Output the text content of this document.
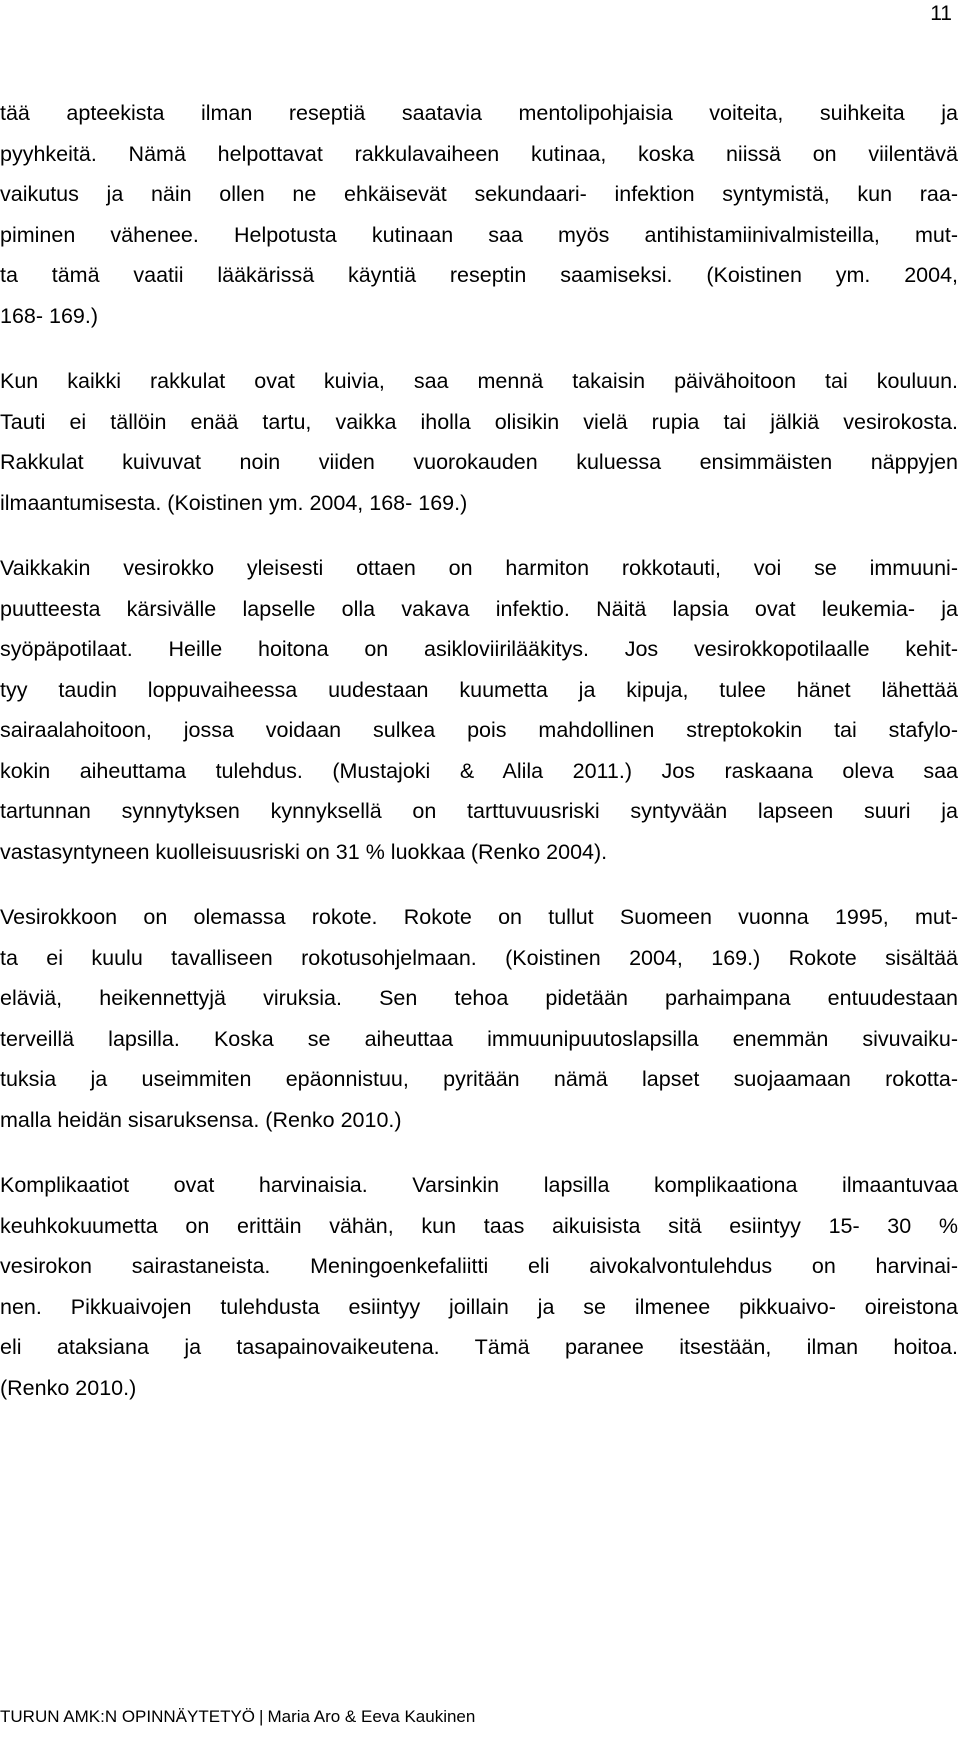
11
tää apteekista ilman reseptiä saatavia mentolipohjaisia voiteita, suihkeita ja
pyyhkeitä. Nämä helpottavat rakkulavaiheen kutinaa, koska niissä on viilentävä
vaikutus ja näin ollen ne ehkäisevät sekundaari- infektion syntymistä, kun raa-
piminen vähenee. Helpotusta kutinaan saa myös antihistamiinivalmisteilla, mut-
ta tämä vaatii lääkärissä käyntiä reseptin saamiseksi. (Koistinen ym. 2004,
168- 169.)
Kun kaikki rakkulat ovat kuivia, saa mennä takaisin päivähoitoon tai kouluun.
Tauti ei tällöin enää tartu, vaikka iholla olisikin vielä rupia tai jälkiä vesirokosta.
Rakkulat kuivuvat noin viiden vuorokauden kuluessa ensimmäisten näppyjen
ilmaantumisesta. (Koistinen ym. 2004, 168- 169.)
Vaikkakin vesirokko yleisesti ottaen on harmiton rokkotauti, voi se immuuni-
puutteesta kärsivälle lapselle olla vakava infektio. Näitä lapsia ovat leukemia- ja
syöpäpotilaat. Heille hoitona on asikloviirilääkitys. Jos vesirokkopotilaalle kehit-
tyy taudin loppuvaiheessa uudestaan kuumetta ja kipuja, tulee hänet lähettää
sairaalahoitoon, jossa voidaan sulkea pois mahdollinen streptokokin tai stafylo-
kokin aiheuttama tulehdus. (Mustajoki & Alila 2011.) Jos raskaana oleva saa
tartunnan synnytyksen kynnyksellä on tarttuvuusriski syntyvään lapseen suuri ja
vastasyntyneen kuolleisuusriski on 31 % luokkaa (Renko 2004).
Vesirokkoon on olemassa rokote. Rokote on tullut Suomeen vuonna 1995, mut-
ta ei kuulu tavalliseen rokotusohjelmaan. (Koistinen 2004, 169.) Rokote sisältää
eläviä, heikennettyjä viruksia. Sen tehoa pidetään parhaimpana entuudestaan
terveillä lapsilla. Koska se aiheuttaa immuunipuutoslapsilla enemmän sivuvaiku-
tuksia ja useimmiten epäonnistuu, pyritään nämä lapset suojaamaan rokotta-
malla heidän sisaruksensa. (Renko 2010.)
Komplikaatiot ovat harvinaisia. Varsinkin lapsilla komplikaationa ilmaantuvaa
keuhkokuumetta on erittäin vähän, kun taas aikuisista sitä esiintyy 15- 30 %
vesirokon sairastaneista. Meningoenkefaliitti eli aivokalvontulehdus on harvinai-
nen. Pikkuaivojen tulehdusta esiintyy joillain ja se ilmenee pikkuaivo- oireistona
eli ataksiana ja tasapainovaikeutena. Tämä paranee itsestään, ilman hoitoa.
(Renko 2010.)
TURUN AMK:N OPINNÄYTETYÖ | Maria Aro & Eeva Kaukinen
